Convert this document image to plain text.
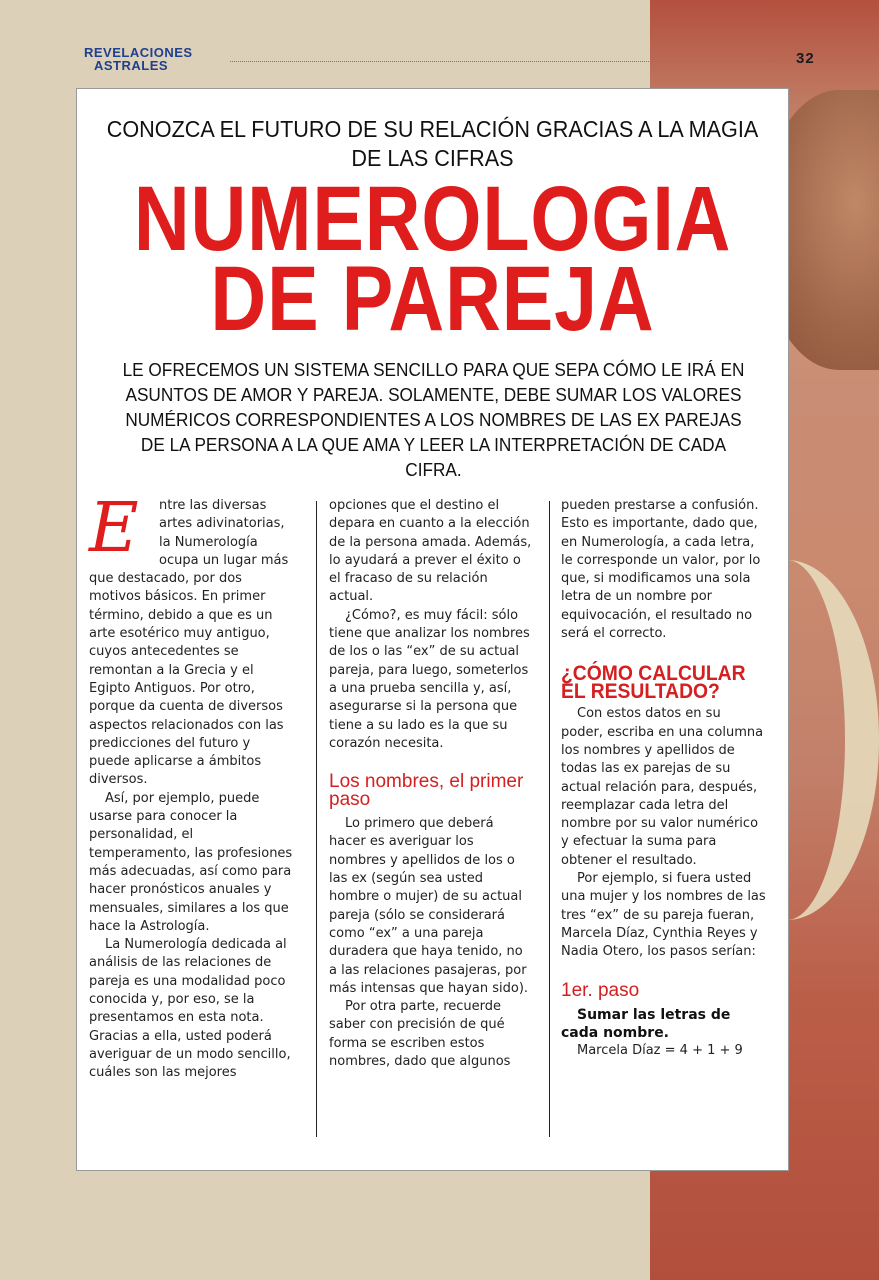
REVELACIONES
ASTRALES	32
CONOZCA EL FUTURO DE SU RELACIÓN GRACIAS A LA MAGIA DE LAS CIFRAS
NUMEROLOGIA
DE PAREJA
LE OFRECEMOS UN SISTEMA SENCILLO PARA QUE SEPA CÓMO LE IRÁ EN ASUNTOS DE AMOR Y PAREJA. SOLAMENTE, DEBE SUMAR LOS VALORES NUMÉRICOS CORRESPONDIENTES A LOS NOMBRES DE LAS EX PAREJAS DE LA PERSONA A LA QUE AMA Y LEER LA INTERPRETACIÓN DE CADA CIFRA.

E	ntre las diversas artes adivinatorias, la Numerología ocupa un lugar más que destacado, por dos motivos básicos. En primer término, debido a que es un arte esotérico muy antiguo, cuyos antecedentes se remontan a la Grecia y el Egipto Antiguos. Por otro, porque da cuenta de diversos aspectos relacionados con las predicciones del futuro y puede aplicarse a ámbitos diversos.

Así, por ejemplo, puede usarse para conocer la personalidad, el temperamento, las profesiones más adecuadas, así como para hacer pronósticos anuales y mensuales, similares a los que hace la Astrología.

La Numerología dedicada al análisis de las relaciones de pareja es una modalidad poco conocida y, por eso, se la presentamos en esta nota. Gracias a ella, usted poderá averiguar de un modo sencillo, cuáles son las mejores

opciones que el destino el depara en cuanto a la elección de la persona amada. Además, lo ayudará a prever el éxito o el fracaso de su relación actual.

¿Cómo?, es muy fácil: sólo tiene que analizar los nombres de los o las “ex” de su actual pareja, para luego, someterlos a una prueba sencilla y, así, asegurarse si la persona que tiene a su lado es la que su corazón necesita.

Los nombres, el primer paso

Lo primero que deberá hacer es averiguar los nombres y apellidos de los o las ex (según sea usted hombre o mujer) de su actual pareja (sólo se considerará como “ex” a una pareja duradera que haya tenido, no a las relaciones pasajeras, por más intensas que hayan sido).

Por otra parte, recuerde saber con precisión de qué forma se escriben estos nombres, dado que algunos

pueden prestarse a confusión. Esto es importante, dado que, en Numerología, a cada letra, le corresponde un valor, por lo que, si modificamos una sola letra de un nombre por equivocación, el resultado no será el correcto.

¿CÓMO CALCULAR EL RESULTADO?

Con estos datos en su poder, escriba en una columna los nombres y apellidos de todas las ex parejas de su actual relación para, después, reemplazar cada letra del nombre por su valor numérico y efectuar la suma para obtener el resultado.

Por ejemplo, si fuera usted una mujer y los nombres de las tres “ex” de su pareja fueran, Marcela Díaz, Cynthia Reyes y Nadia Otero, los pasos serían:

1er. paso

Sumar las letras de cada nombre.

Marcela Díaz = 4 + 1 + 9
